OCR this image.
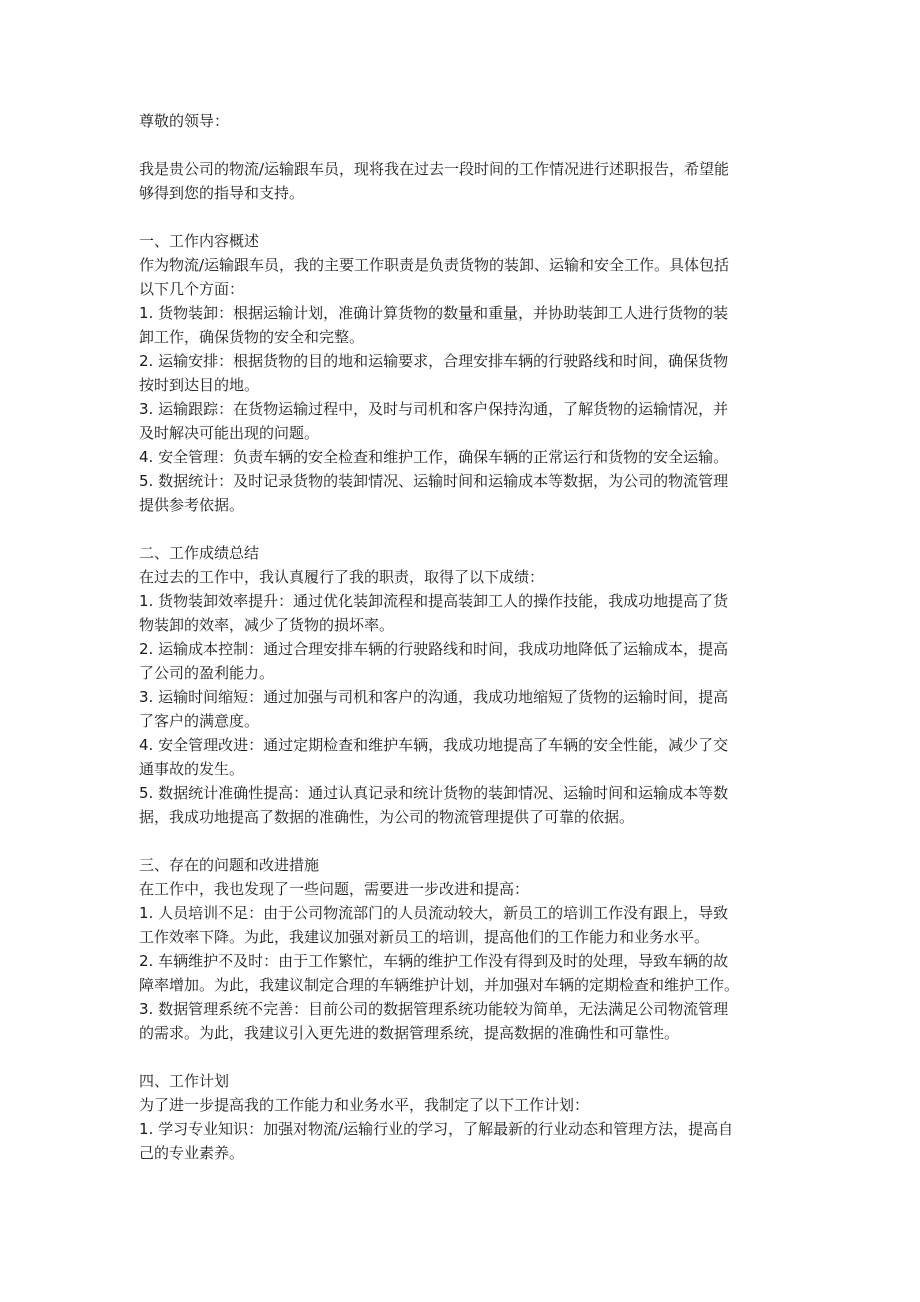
尊敬的领导：
我是贵公司的物流/运输跟车员，现将我在过去一段时间的工作情况进行述职报告，希望能
够得到您的指导和支持。
一、工作内容概述
作为物流/运输跟车员，我的主要工作职责是负责货物的装卸、运输和安全工作。具体包括
以下几个方面：
1. 货物装卸：根据运输计划，准确计算货物的数量和重量，并协助装卸工人进行货物的装
卸工作，确保货物的安全和完整。
2. 运输安排：根据货物的目的地和运输要求，合理安排车辆的行驶路线和时间，确保货物
按时到达目的地。
3. 运输跟踪：在货物运输过程中，及时与司机和客户保持沟通，了解货物的运输情况，并
及时解决可能出现的问题。
4. 安全管理：负责车辆的安全检查和维护工作，确保车辆的正常运行和货物的安全运输。
5. 数据统计：及时记录货物的装卸情况、运输时间和运输成本等数据，为公司的物流管理
提供参考依据。
二、工作成绩总结
在过去的工作中，我认真履行了我的职责，取得了以下成绩：
1. 货物装卸效率提升：通过优化装卸流程和提高装卸工人的操作技能，我成功地提高了货
物装卸的效率，减少了货物的损坏率。
2. 运输成本控制：通过合理安排车辆的行驶路线和时间，我成功地降低了运输成本，提高
了公司的盈利能力。
3. 运输时间缩短：通过加强与司机和客户的沟通，我成功地缩短了货物的运输时间，提高
了客户的满意度。
4. 安全管理改进：通过定期检查和维护车辆，我成功地提高了车辆的安全性能，减少了交
通事故的发生。
5. 数据统计准确性提高：通过认真记录和统计货物的装卸情况、运输时间和运输成本等数
据，我成功地提高了数据的准确性，为公司的物流管理提供了可靠的依据。
三、存在的问题和改进措施
在工作中，我也发现了一些问题，需要进一步改进和提高：
1. 人员培训不足：由于公司物流部门的人员流动较大，新员工的培训工作没有跟上，导致
工作效率下降。为此，我建议加强对新员工的培训，提高他们的工作能力和业务水平。
2. 车辆维护不及时：由于工作繁忙，车辆的维护工作没有得到及时的处理，导致车辆的故
障率增加。为此，我建议制定合理的车辆维护计划，并加强对车辆的定期检查和维护工作。
3. 数据管理系统不完善：目前公司的数据管理系统功能较为简单，无法满足公司物流管理
的需求。为此，我建议引入更先进的数据管理系统，提高数据的准确性和可靠性。
四、工作计划
为了进一步提高我的工作能力和业务水平，我制定了以下工作计划：
1. 学习专业知识：加强对物流/运输行业的学习，了解最新的行业动态和管理方法，提高自
己的专业素养。
